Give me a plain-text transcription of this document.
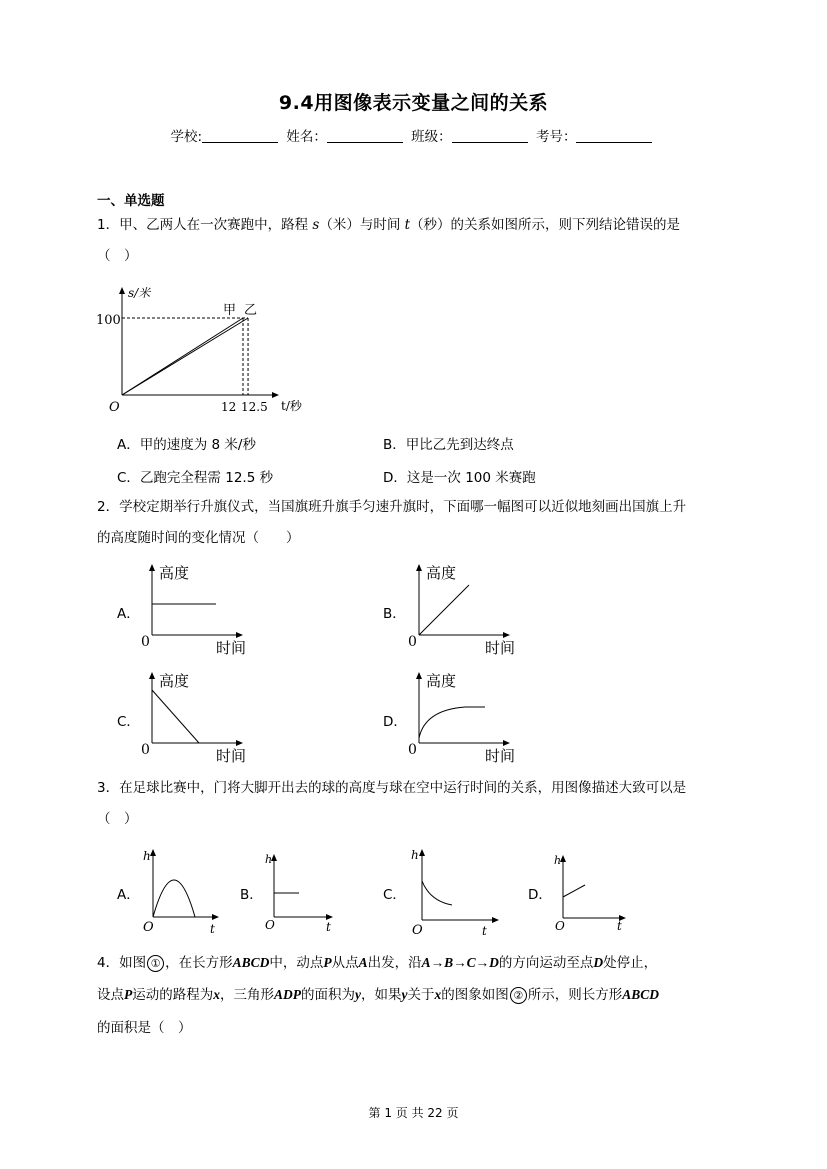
9.4用图像表示变量之间的关系
学校:	姓名：	班级：	考号：
一、单选题
1．甲、乙两人在一次赛跑中，路程 s（米）与时间 t（秒）的关系如图所示，则下列结论错误的是
（　）
s/米
t/秒
O
100
12 12.5
甲 乙
A．甲的速度为 8 米/秒	B．甲比乙先到达终点
C．乙跑完全程需 12.5 秒	D．这是一次 100 米赛跑
2．学校定期举行升旗仪式，当国旗班升旗手匀速升旗时，下面哪一幅图可以近似地刻画出国旗上升
的高度随时间的变化情况（　　）
A．
高度
时间
0
B．
高度
时间
0
C．
高度
时间
0
D．
高度
时间
0
3．在足球比赛中，门将大脚开出去的球的高度与球在空中运行时间的关系，用图像描述大致可以是
（　）
A．
h
t
O
B．
h
t
O
C．
h
t
O
D．
h
t
O
4．如图 ① ，在长方形ABCD中，动点P从点A出发，沿A→B→C→D的方向运动至点D处停止，
设点P运动的路程为x，三角形ADP的面积为y，如果y关于x的图象如图 ② 所示，则长方形ABCD
的面积是（　）
第 1 页 共 22 页
